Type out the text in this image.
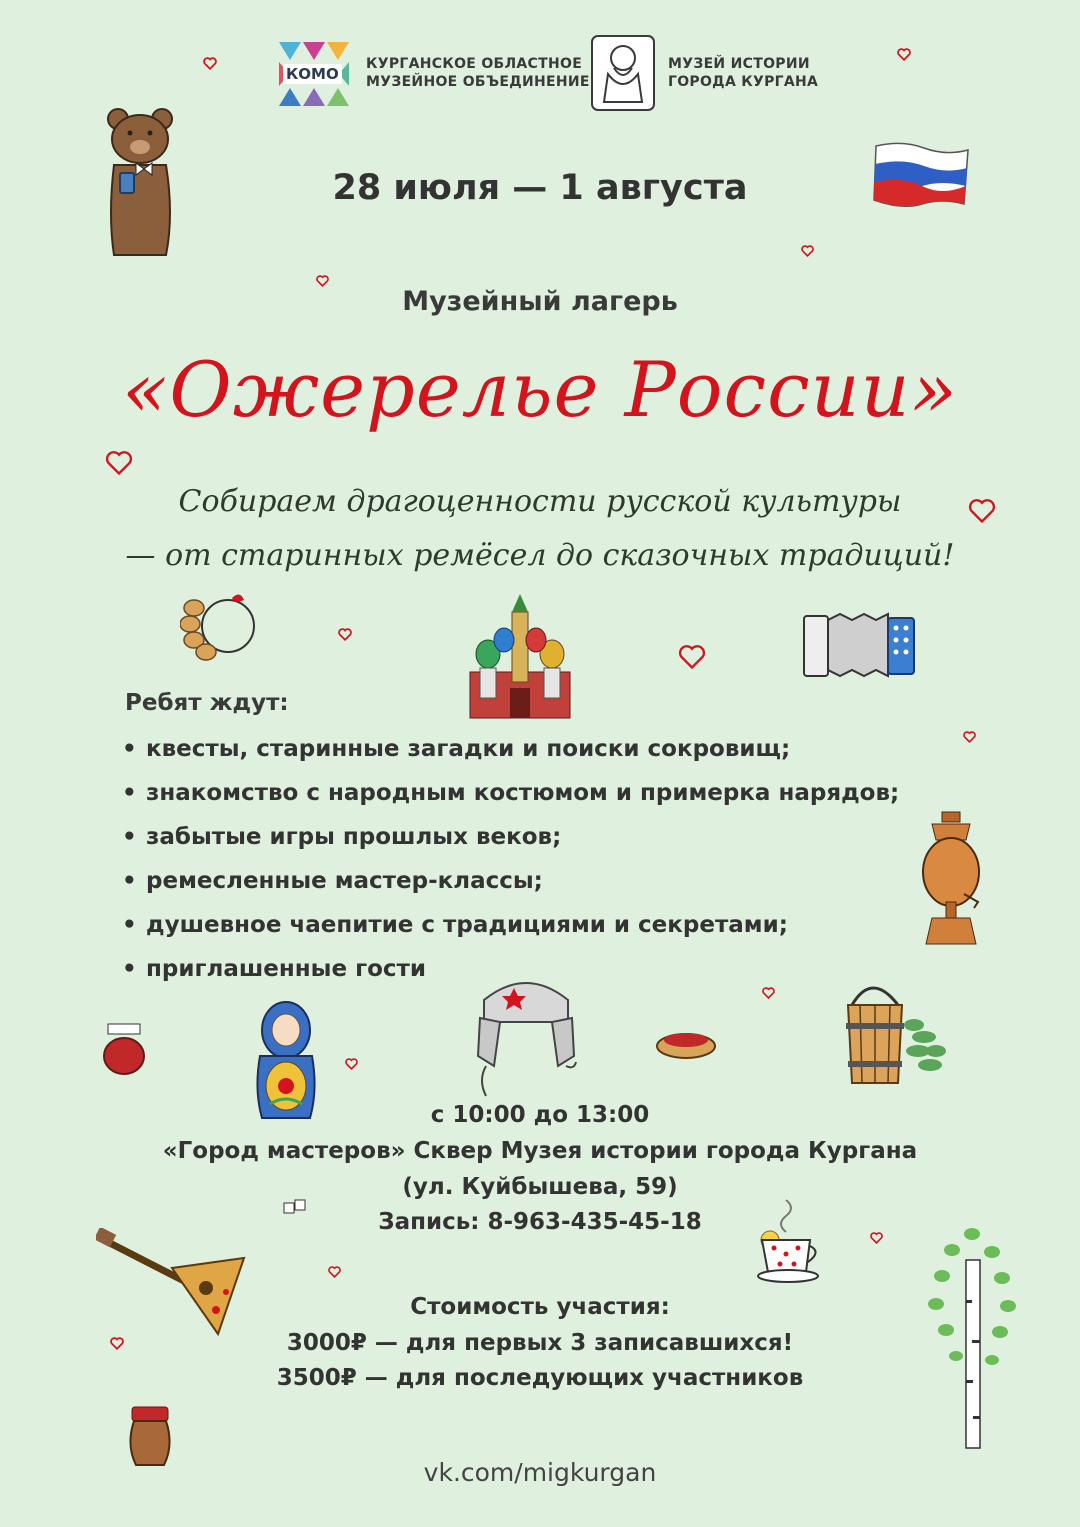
КОМО
КУРГАНСКОЕ ОБЛАСТНОЕ
МУЗЕЙНОЕ ОБЪЕДИНЕНИЕ
МУЗЕЙ ИСТОРИИ
ГОРОДА КУРГАНА
28 июля — 1 августа
Музейный лагерь
«Ожерелье России»
Собираем драгоценности русской культуры
— от старинных ремёсел до сказочных традиций!
Ребят ждут:
• квесты, старинные загадки и поиски сокровищ;
• знакомство с народным костюмом и примерка нарядов;
• забытые игры прошлых веков;
• ремесленные мастер-классы;
• душевное чаепитие с традициями и секретами;
• приглашенные гости
с 10:00 до 13:00
«Город мастеров» Сквер Музея истории города Кургана
(ул. Куйбышева, 59)
Запись: 8-963-435-45-18
Стоимость участия:
3000₽ — для первых 3 записавшихся!
3500₽ — для последующих участников
vk.com/migkurgan
